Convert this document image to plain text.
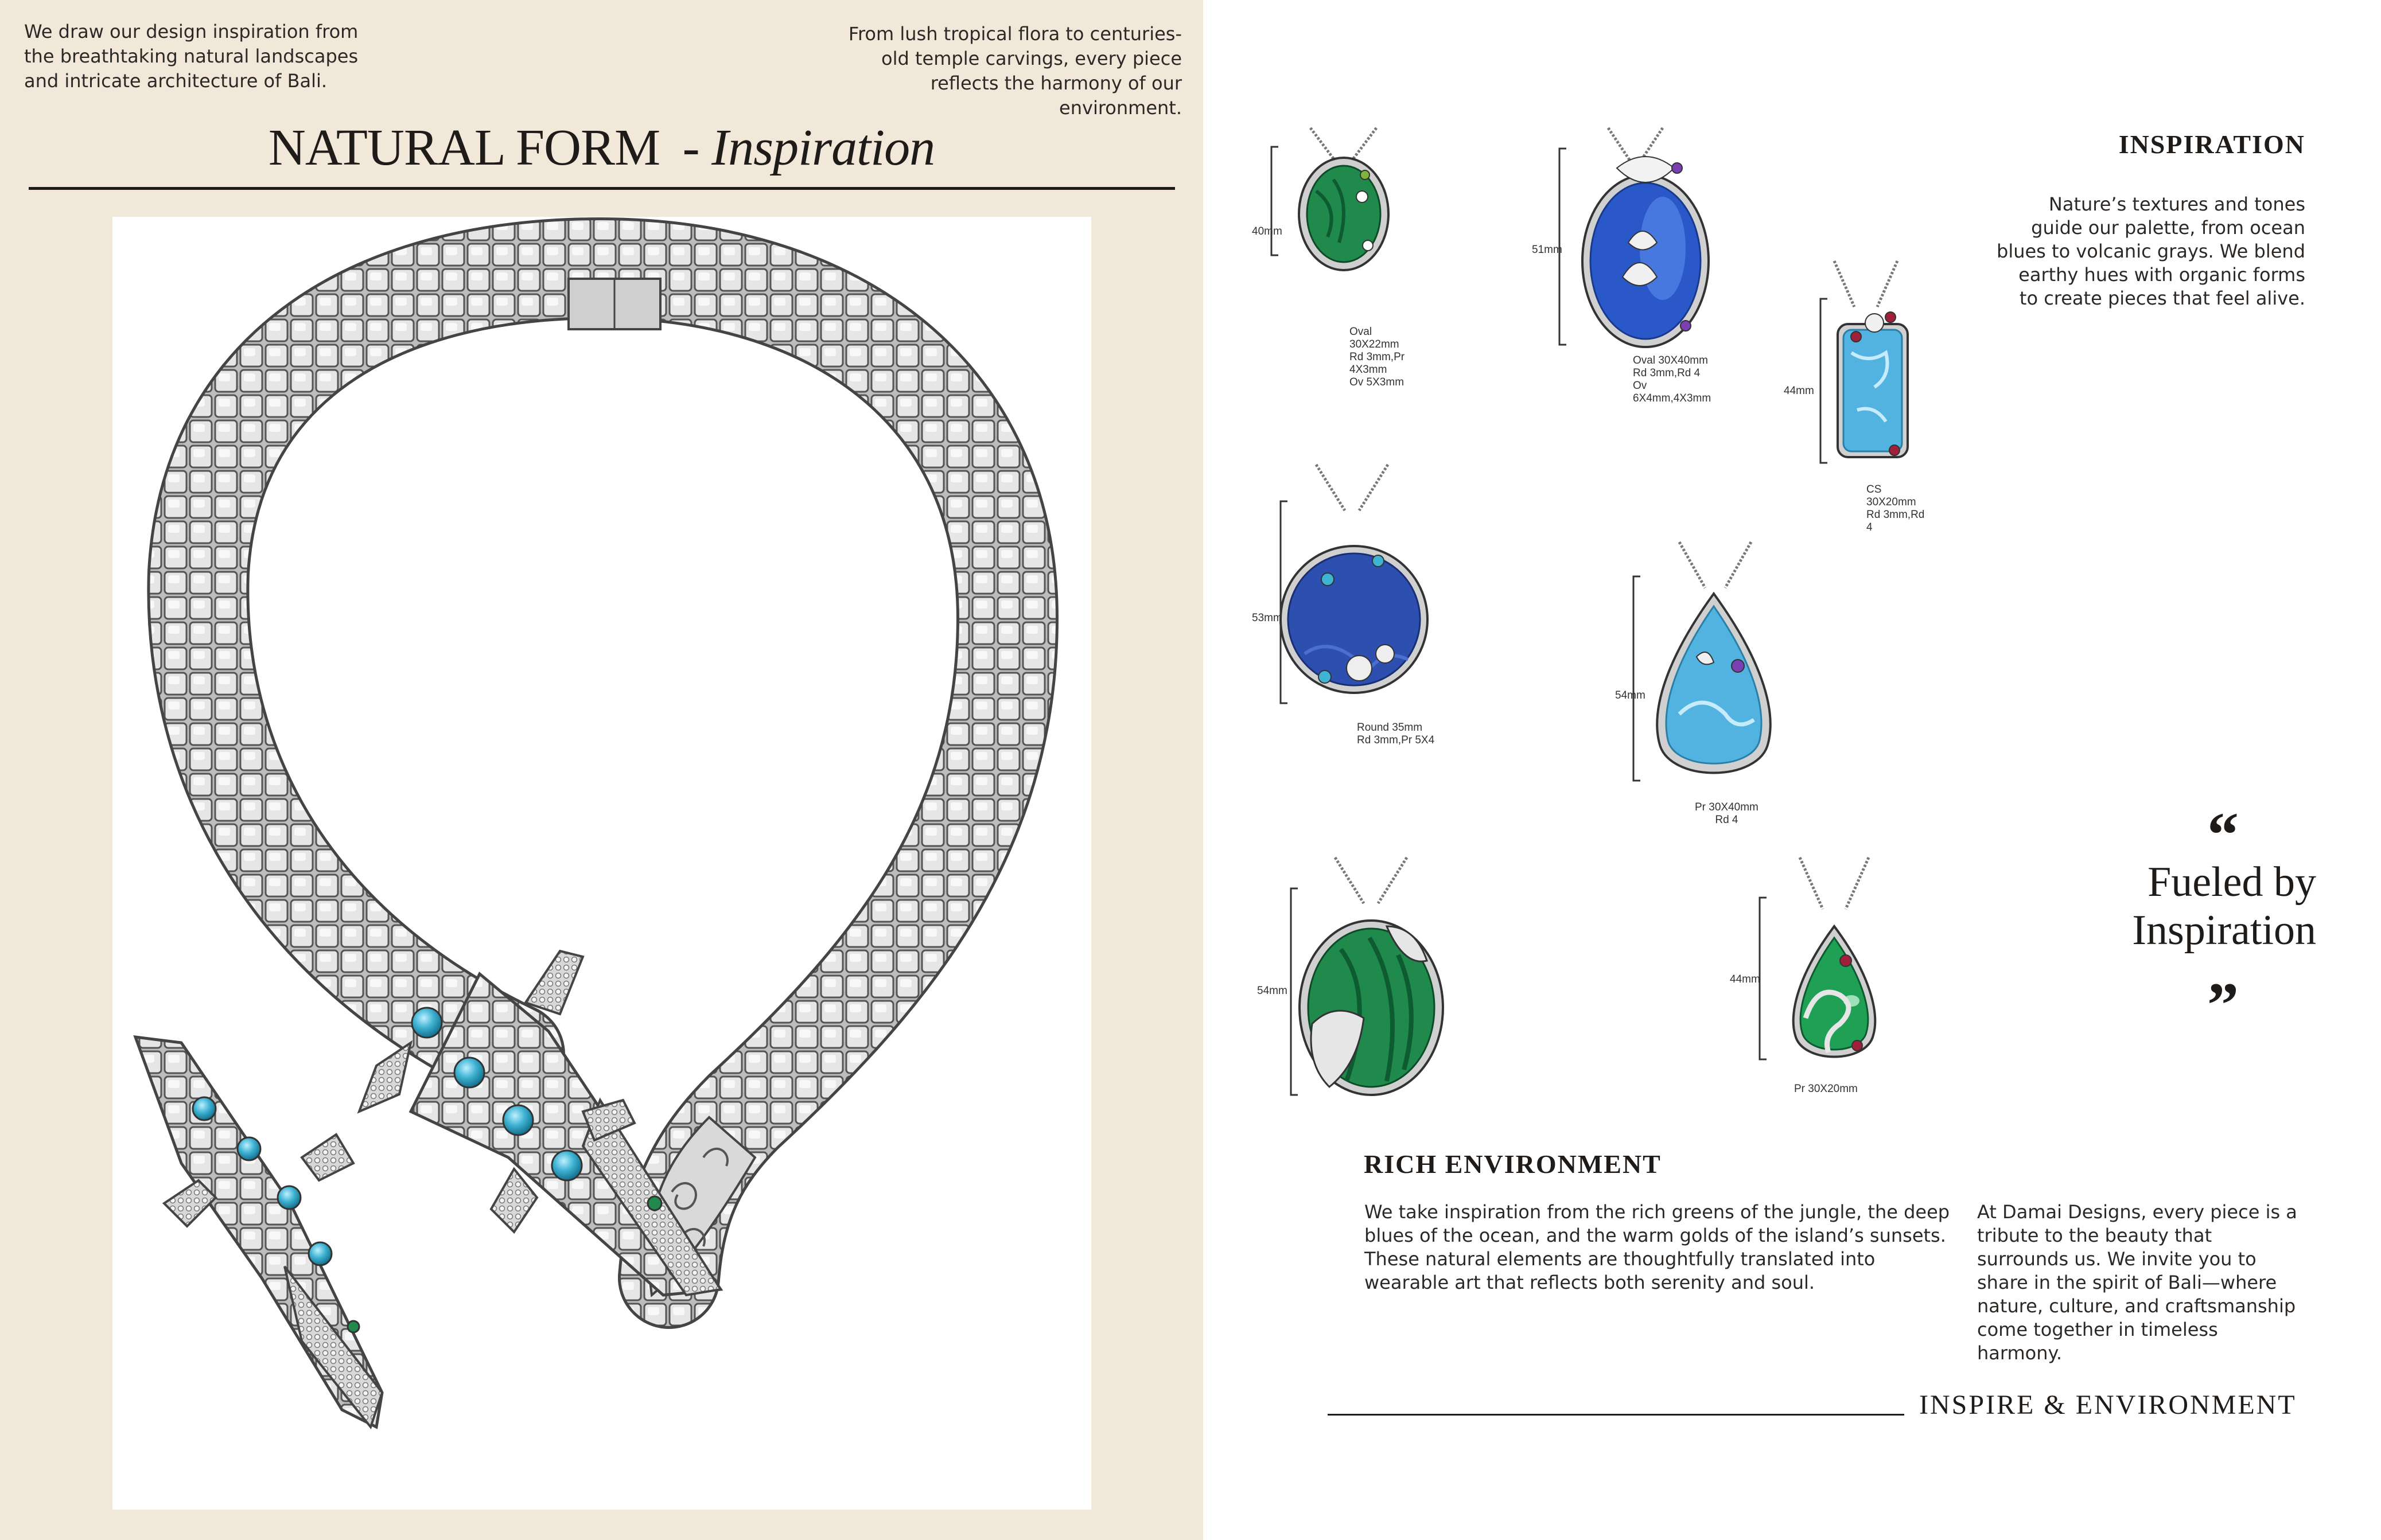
We draw our design inspiration from the breathtaking natural landscapes and intricate architecture of Bali.
From lush tropical flora to centuries-old temple carvings, every piece reflects the harmony of our environment.
NATURAL FORM - Inspiration
40mm
Oval 30X22mm
Rd 3mm,Pr 4X3mm
Ov 5X3mm
51mm
Oval 30X40mm
Rd 3mm,Rd 4
Ov 6X4mm,4X3mm
44mm
CS 30X20mm
Rd 3mm,Rd 4
53mm
Round 35mm
Rd 3mm,Pr 5X4
54mm
Pr 30X40mm
Rd 4
54mm
44mm
Pr 30X20mm
INSPIRATION
Nature’s textures and tones guide our palette, from ocean blues to volcanic grays. We blend earthy hues with organic forms to create pieces that feel alive.
“
Fueled by Inspiration
”
RICH ENVIRONMENT
We take inspiration from the rich greens of the jungle, the deep blues of the ocean, and the warm golds of the island’s sunsets. These natural elements are thoughtfully translated into wearable art that reflects both serenity and soul.
At Damai Designs, every piece is a tribute to the beauty that surrounds us. We invite you to share in the spirit of Bali—where nature, culture, and craftsmanship come together in timeless harmony.
INSPIRE & ENVIRONMENT
